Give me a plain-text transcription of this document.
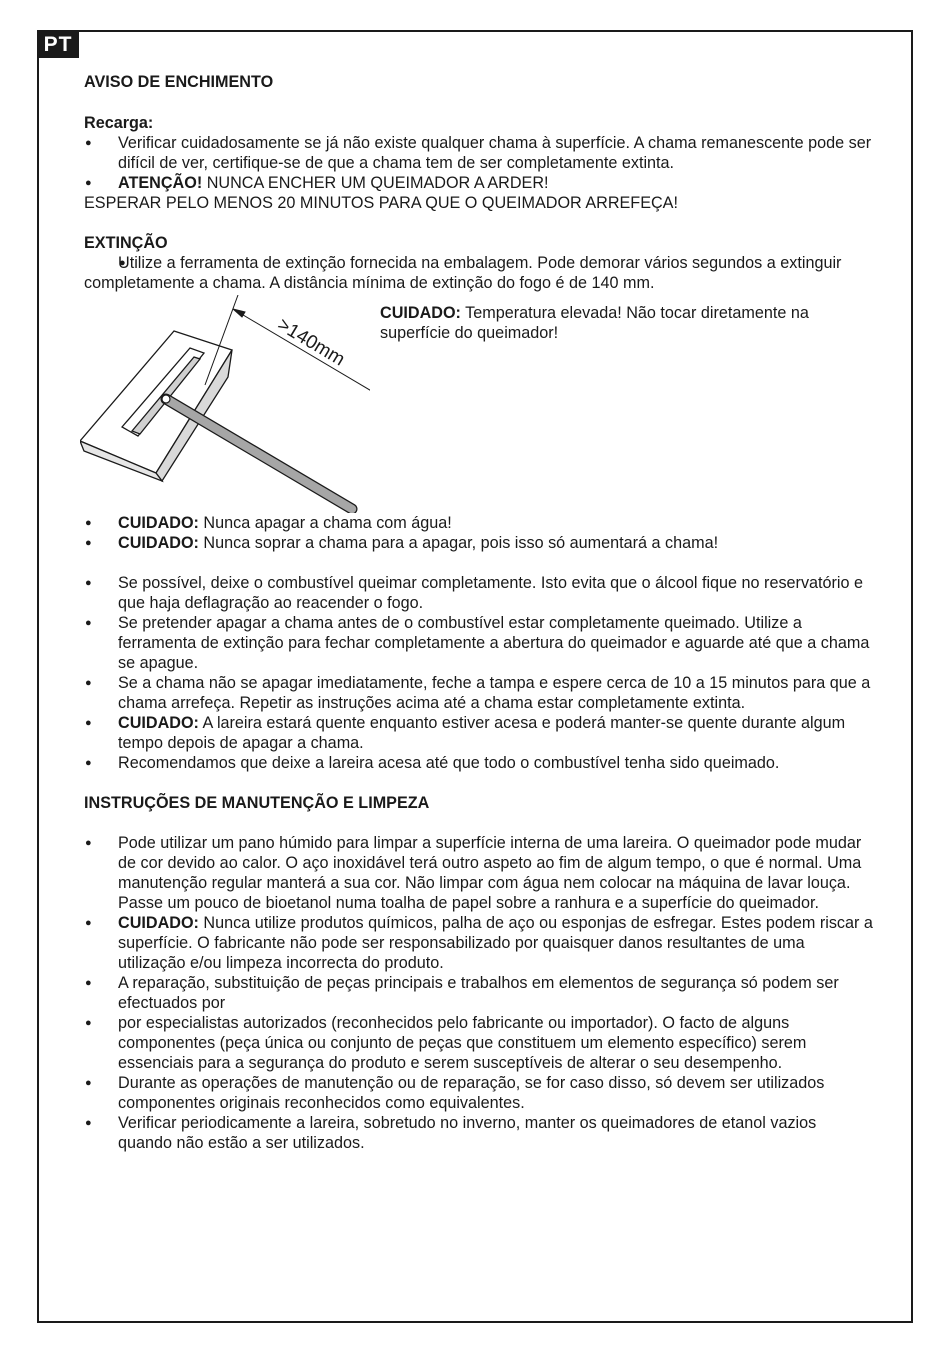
PT

AVISO DE ENCHIMENTO

Recarga:

● Verificar cuidadosamente se já não existe qualquer chama à superfície. A chama remanescente pode ser difícil de ver, certifique-se de que a chama tem de ser completamente extinta.
● ATENÇÃO! NUNCA ENCHER UM QUEIMADOR A ARDER!

ESPERAR PELO MENOS 20 MINUTOS PARA QUE O QUEIMADOR ARREFEÇA!

EXTINÇÃO

● Utilize a ferramenta de extinção fornecida na embalagem. Pode demorar vários segundos a extinguir completamente a chama. A distância mínima de extinção do fogo é de 140 mm.

>140mm
CUIDADO: Temperatura elevada! Não tocar diretamente na superfície do queimador!
● CUIDADO: Nunca apagar a chama com água!
● CUIDADO: Nunca soprar a chama para a apagar, pois isso só aumentará a chama!
● Se possível, deixe o combustível queimar completamente. Isto evita que o álcool fique no reservatório e que haja deflagração ao reacender o fogo.
● Se pretender apagar a chama antes de o combustível estar completamente queimado. Utilize a ferramenta de extinção para fechar completamente a abertura do queimador e aguarde até que a chama se apague.
● Se a chama não se apagar imediatamente, feche a tampa e espere cerca de 10 a 15 minutos para que a chama arrefeça. Repetir as instruções acima até a chama estar completamente extinta.
● CUIDADO: A lareira estará quente enquanto estiver acesa e poderá manter-se quente durante algum tempo depois de apagar a chama.
● Recomendamos que deixe a lareira acesa até que todo o combustível tenha sido queimado.

INSTRUÇÕES DE MANUTENÇÃO E LIMPEZA

● Pode utilizar um pano húmido para limpar a superfície interna de uma lareira. O queimador pode mudar de cor devido ao calor. O aço inoxidável terá outro aspeto ao fim de algum tempo, o que é normal. Uma manutenção regular manterá a sua cor. Não limpar com água nem colocar na máquina de lavar louça. Passe um pouco de bioetanol numa toalha de papel sobre a ranhura e a superfície do queimador.
● CUIDADO: Nunca utilize produtos químicos, palha de aço ou esponjas de esfregar. Estes podem riscar a superfície. O fabricante não pode ser responsabilizado por quaisquer danos resultantes de uma utilização e/ou limpeza incorrecta do produto.
● A reparação, substituição de peças principais e trabalhos em elementos de segurança só podem ser efectuados por
● por especialistas autorizados (reconhecidos pelo fabricante ou importador). O facto de alguns componentes (peça única ou conjunto de peças que constituem um elemento específico) serem essenciais para a segurança do produto e serem susceptíveis de alterar o seu desempenho.
● Durante as operações de manutenção ou de reparação, se for caso disso, só devem ser utilizados componentes originais reconhecidos como equivalentes.
● Verificar periodicamente a lareira, sobretudo no inverno, manter os queimadores de etanol vazios quando não estão a ser utilizados.
